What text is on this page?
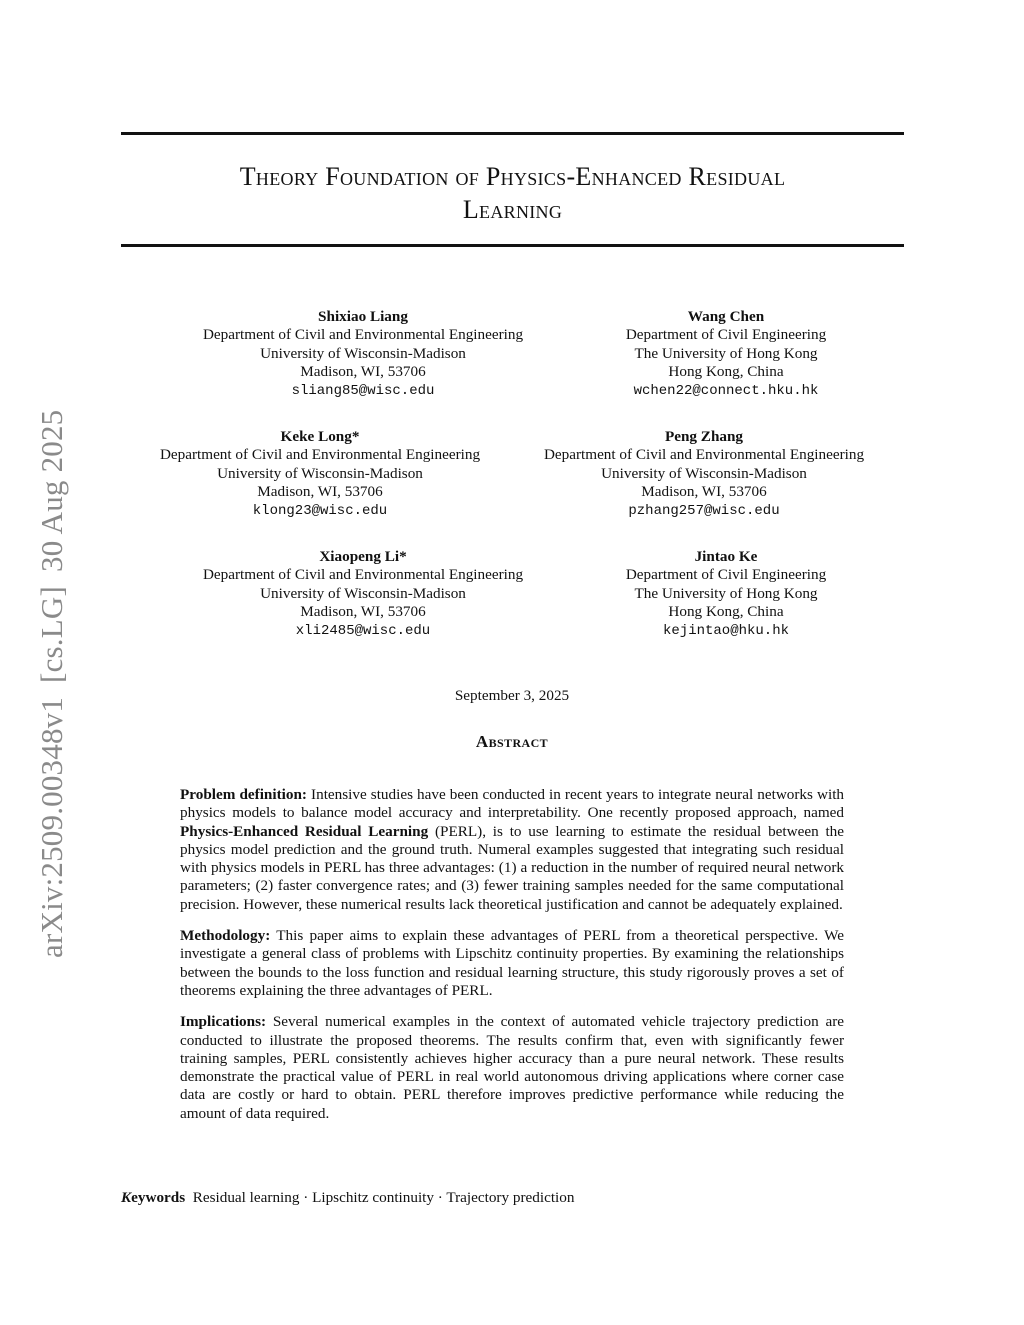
arXiv:2509.00348v1[cs.LG]30 Aug 2025
Theory Foundation of Physics-Enhanced Residual
Learning
Shixiao Liang
Department of Civil and Environmental Engineering
University of Wisconsin-Madison
Madison, WI, 53706
sliang85@wisc.edu
Wang Chen
Department of Civil Engineering
The University of Hong Kong
Hong Kong, China
wchen22@connect.hku.hk
Keke Long*
Department of Civil and Environmental Engineering
University of Wisconsin-Madison
Madison, WI, 53706
klong23@wisc.edu
Peng Zhang
Department of Civil and Environmental Engineering
University of Wisconsin-Madison
Madison, WI, 53706
pzhang257@wisc.edu
Xiaopeng Li*
Department of Civil and Environmental Engineering
University of Wisconsin-Madison
Madison, WI, 53706
xli2485@wisc.edu
Jintao Ke
Department of Civil Engineering
The University of Hong Kong
Hong Kong, China
kejintao@hku.hk
September 3, 2025
Abstract

Problem definition: Intensive studies have been conducted in recent years to integrate neural networks with physics models to balance model accuracy and interpretability. One recently proposed approach, named Physics-Enhanced Residual Learning (PERL), is to use learning to estimate the residual between the physics model prediction and the ground truth. Numeral examples suggested that integrating such residual with physics models in PERL has three advantages: (1) a reduction in the number of required neural network parameters; (2) faster convergence rates; and (3) fewer training samples needed for the same computational precision. However, these numerical results lack theoretical justification and cannot be adequately explained.

Methodology: This paper aims to explain these advantages of PERL from a theoretical perspective. We investigate a general class of problems with Lipschitz continuity properties. By examining the relationships between the bounds to the loss function and residual learning structure, this study rigorously proves a set of theorems explaining the three advantages of PERL.

Implications: Several numerical examples in the context of automated vehicle trajectory prediction are conducted to illustrate the proposed theorems. The results confirm that, even with significantly fewer training samples, PERL consistently achieves higher accuracy than a pure neural network. These results demonstrate the practical value of PERL in real world autonomous driving applications where corner case data are costly or hard to obtain. PERL therefore improves predictive performance while reducing the amount of data required.

Keywords Residual learning · Lipschitz continuity · Trajectory prediction
